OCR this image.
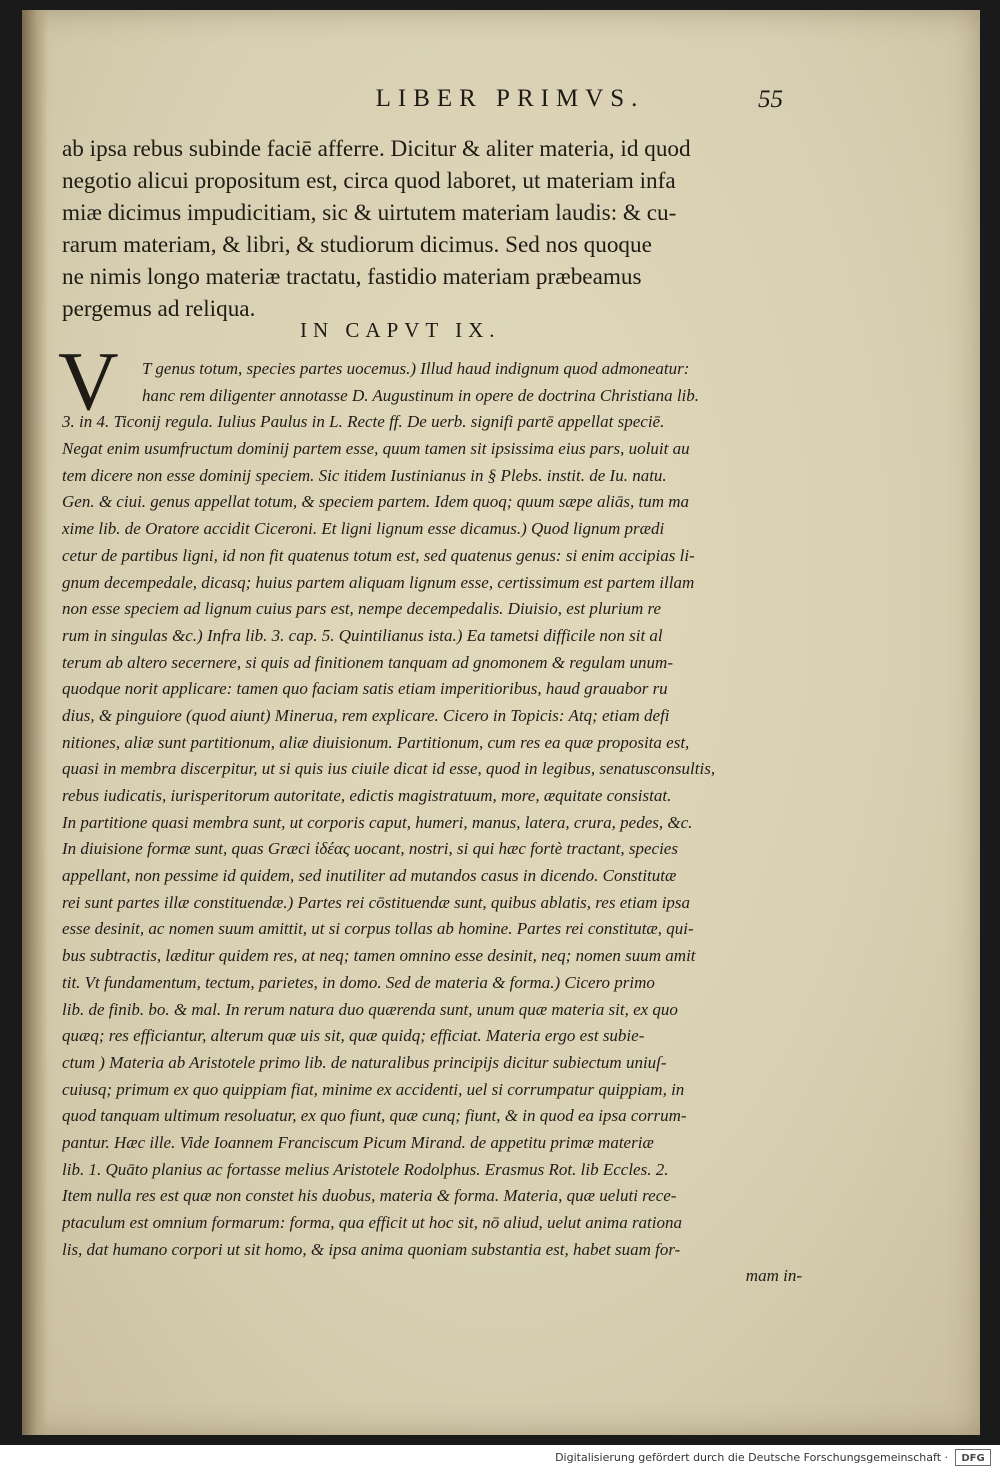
LIBER PRIMVS.	55
ab ipsa rebus subinde faciē afferre. Dicitur & aliter materia, id quod
negotio alicui propositum est, circa quod laboret, ut materiam infa
miæ dicimus impudicitiam, sic & uirtutem materiam laudis: & cu-
rarum materiam, & libri, & studiorum dicimus. Sed nos quoque
ne nimis longo materiæ tractatu, fastidio materiam præbeamus
pergemus ad reliqua.
IN CAPVT IX.
V	T genus totum, species partes uocemus.) Illud haud indignum quod admoneatur:
hanc rem diligenter annotasse D. Augustinum in opere de doctrina Christiana lib.
3. in 4. Ticonij regula. Iulius Paulus in L. Recte ff. De uerb. signifi partē appellat speciē.
Negat enim usumfructum dominij partem esse, quum tamen sit ipsissima eius pars, uoluit au
tem dicere non esse dominij speciem. Sic itidem Iustinianus in § Plebs. instit. de Iu. natu.
Gen. & ciui. genus appellat totum, & speciem partem. Idem quoq; quum sæpe aliās, tum ma
xime lib. de Oratore accidit Ciceroni. Et ligni lignum esse dicamus.) Quod lignum prædi
cetur de partibus ligni, id non fit quatenus totum est, sed quatenus genus: si enim accipias li-
gnum decempedale, dicasq; huius partem aliquam lignum esse, certissimum est partem illam
non esse speciem ad lignum cuius pars est, nempe decempedalis. Diuisio, est plurium re
rum in singulas &c.) Infra lib. 3. cap. 5. Quintilianus ista.) Ea tametsi difficile non sit al
terum ab altero secernere, si quis ad finitionem tanquam ad gnomonem & regulam unum-
quodque norit applicare: tamen quo faciam satis etiam imperitioribus, haud grauabor ru
dius, & pinguiore (quod aiunt) Minerua, rem explicare. Cicero in Topicis: Atq; etiam defi
nitiones, aliæ sunt partitionum, aliæ diuisionum. Partitionum, cum res ea quæ proposita est,
quasi in membra discerpitur, ut si quis ius ciuile dicat id esse, quod in legibus, senatusconsultis,
rebus iudicatis, iurisperitorum autoritate, edictis magistratuum, more, æquitate consistat.
In partitione quasi membra sunt, ut corporis caput, humeri, manus, latera, crura, pedes, &c.
In diuisione formæ sunt, quas Græci ἰδέας uocant, nostri, si qui hæc fortè tractant, species
appellant, non pessime id quidem, sed inutiliter ad mutandos casus in dicendo. Constitutæ
rei sunt partes illæ constituendæ.) Partes rei cōstituendæ sunt, quibus ablatis, res etiam ipsa
esse desinit, ac nomen suum amittit, ut si corpus tollas ab homine. Partes rei constitutæ, qui-
bus subtractis, læditur quidem res, at neq; tamen omnino esse desinit, neq; nomen suum amit
tit. Vt fundamentum, tectum, parietes, in domo. Sed de materia & forma.) Cicero primo
lib. de finib. bo. & mal. In rerum natura duo quærenda sunt, unum quæ materia sit, ex quo
quæq; res efficiantur, alterum quæ uis sit, quæ quidq; efficiat. Materia ergo est subie-
ctum ) Materia ab Aristotele primo lib. de naturalibus principijs dicitur subiectum uniuſ-
cuiusq; primum ex quo quippiam fiat, minime ex accidenti, uel si corrumpatur quippiam, in
quod tanquam ultimum resoluatur, ex quo fiunt, quæ cunq; fiunt, & in quod ea ipsa corrum-
pantur. Hæc ille. Vide Ioannem Franciscum Picum Mirand. de appetitu primæ materiæ
lib. 1. Quāto planius ac fortasse melius Aristotele Rodolphus. Erasmus Rot. lib Eccles. 2.
Item nulla res est quæ non constet his duobus, materia & forma. Materia, quæ ueluti rece-
ptaculum est omnium formarum: forma, qua efficit ut hoc sit, nō aliud, uelut anima rationa
lis, dat humano corpori ut sit homo, & ipsa anima quoniam substantia est, habet suam for-
mam in-
Digitalisierung gefördert durch die Deutsche Forschungsgemeinschaft ·	DFG
